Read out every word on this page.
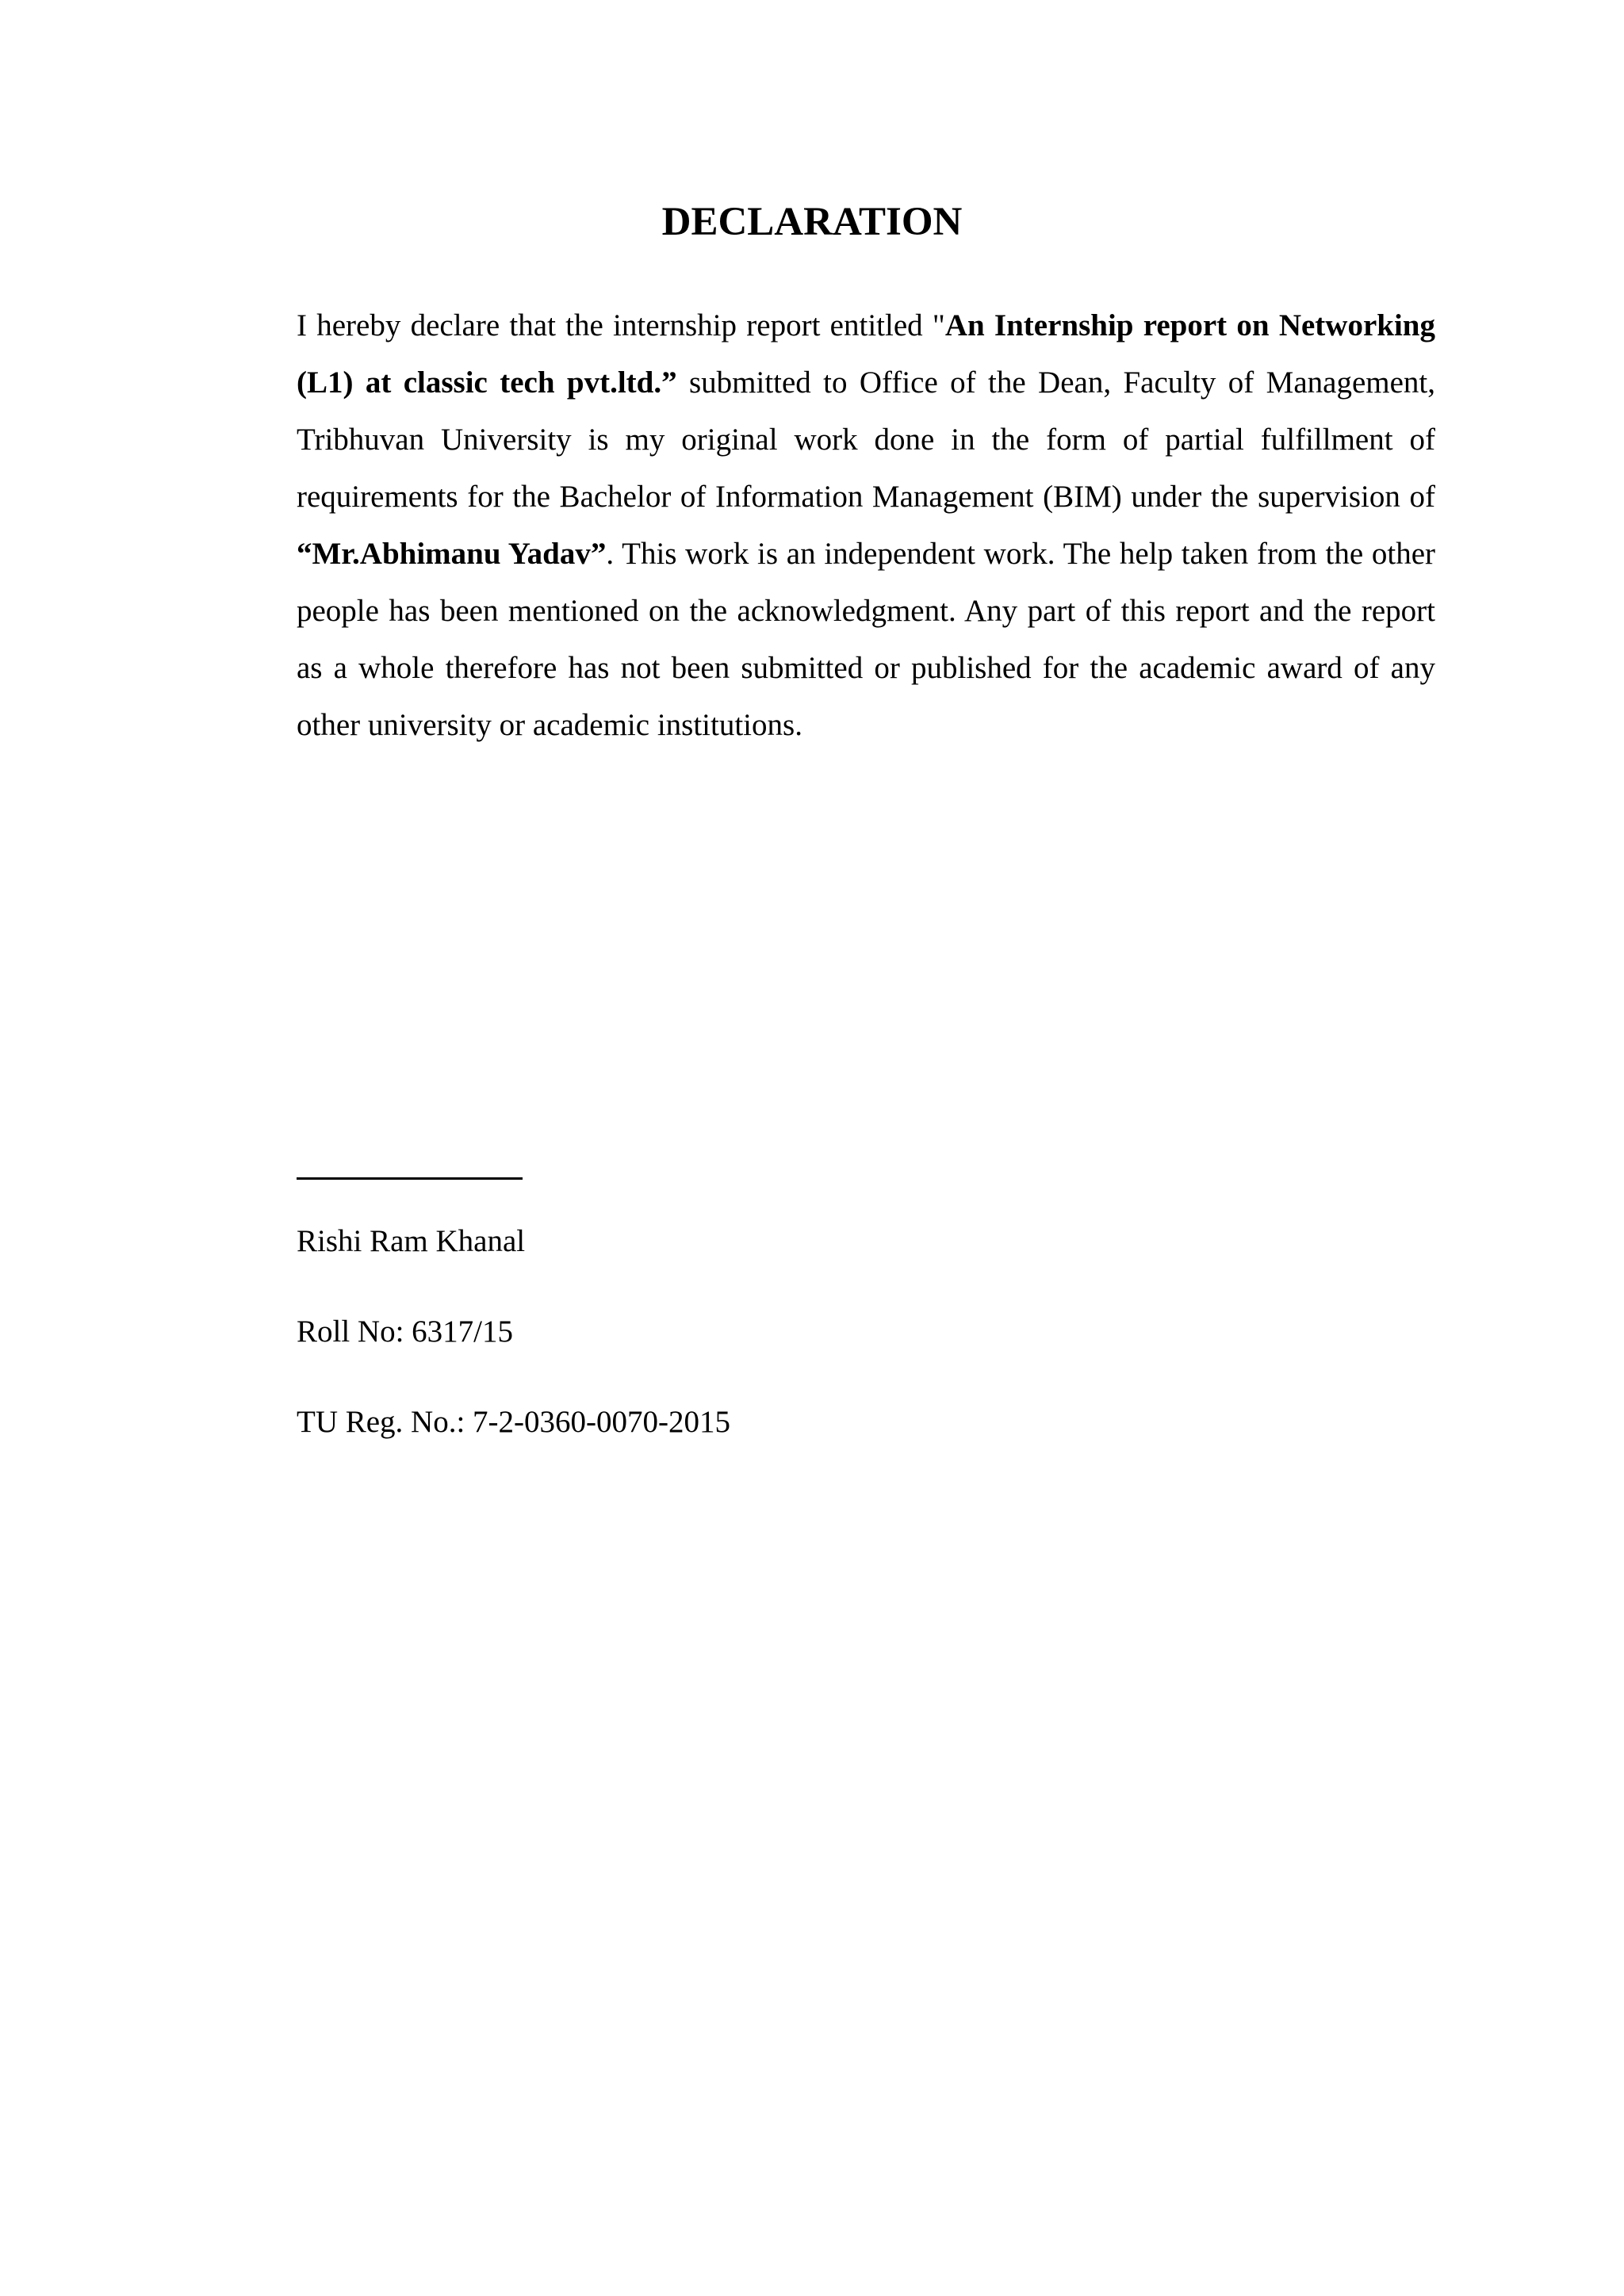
DECLARATION

I hereby declare that the internship report entitled "An Internship report on Networking (L1) at classic tech pvt.ltd.” submitted to Office of the Dean, Faculty of Management, Tribhuvan University is my original work done in the form of partial fulfillment of requirements for the Bachelor of Information Management (BIM) under the supervision of “Mr.Abhimanu Yadav”. This work is an independent work. The help taken from the other people has been mentioned on the acknowledgment. Any part of this report and the report as a whole therefore has not been submitted or published for the academic award of any other university or academic institutions.

Rishi Ram Khanal

Roll No: 6317/15

TU Reg. No.: 7-2-0360-0070-2015
